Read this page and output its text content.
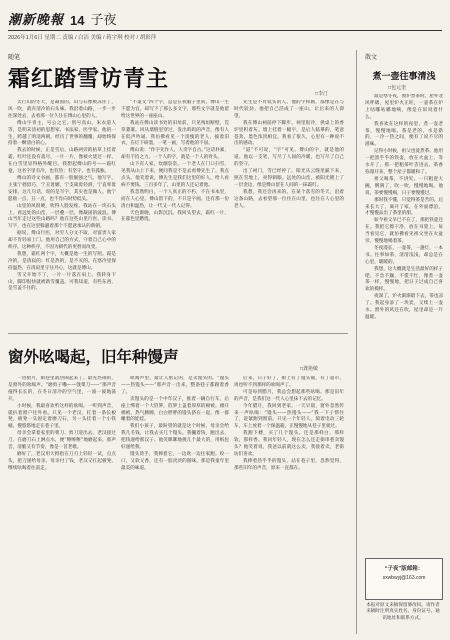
潮新晚報 14 子夜
2026年1月6日 星期二 责编 / 白洁 美编 / 蒋宇琪 校对 / 胡彩萍
随笔	散文
霜红踏雪访青主
□李汀

太行山的冬天，是凝固的。山与石像被冻住了，风一吹，就有清冷的石头味。我沿着山路，一步一步往深处去，去看那一位久住在傅山心里的人。

傅山字青主，号公之它，别号真山、朱衣道人等，是明末清初的思想家、书法家、医学家。他的一生，跨越了明清两朝，经历了世事的翻覆，却始终保持着一颗清白的心。

我去的时候，正是雪后。山路两旁的枯草上挂着霜，红叶还没有落尽，一片一片，像被火烧过一样，在白雪里显得格外醒目。我想起傅山的号——霜红龛，这名字里有冷，也有热；有坚守，也有孤独。

傅山的诗文书画，都有一股倔强之气。他写字，主张宁拙毋巧，宁丑毋媚，宁支离毋轻滑，宁直率毋安排。这几句话，说的是写字，其实也是做人。他宁愿拙一点、丑一点，也不肯向时势低头。

山里的风很硬，吹得人脸发疼。我站在一块石头上，看远处的山峦，一层叠一层，像凝固的波浪。傅山当年走过这些山路吗？他在这些山里行医、读书、写字，也在这里躲避着那个不愿意承认的新朝。

据说，傅山行医，对穷人分文不取，对富贵人家却不肯轻易上门。他用自己的方式，守着自己心中的秩序。这种秩序，不因为朝代的更替而改变。

我想，霜红两个字，大概是他一生的写照。霜是冷的，是清寂的；红是热的，是不灭的。在寒冷里保持温热，在清寂里守住丹心，这就是傅山。

雪又开始下了，一片一片落在肩上。我转身下山，脚印很快就被新雪覆盖。可我知道，有些东西，是雪盖不住的。

“不道文”四个字，总是在我脑子里转。傅山一生不愿为官，却写下了那么多文字，那些文字就是他留给这世界的一座座山。

我站在傅山读书处的旧址前，只见残垣断壁，荒草萋萋。风从墙缝里穿过，发出呜呜的声音，像有人在低声吟诵。我仿佛看见一个清瘦的老人，披着旧衣，在灯下研墨，一笔一画，写着他的不屈。

傅山说：“作字先作人，人奇字自古。”这话朴素，却有千钧之力。一个人的字，就是一个人的骨头。

山下有人家，炊烟袅袅。一个老人在门口扫雪，见我从山上下来，便问我是不是去看傅先生了。我点点头。他笑着说，傅先生是我们这里的好人，给人看病不要钱。三百多年了，山里的人还记着他。

我忽然明白，一个人真正的不朽，不在书本里，而在人心里。傅山留下的，不只是字画，还有那一份清白和温热，让一代又一代人记得。

天色渐晚，山影沉沉。我回头望去，霜红一片，在暮色里燃烧。

先生是不肯低头的人。他的字和画，都像是在与时代较劲。他把自己活成了一座山，让后来的人仰望。

我在傅山祠前停下脚步。祠里很冷，供桌上的香炉里积着灰。墙上挂着一幅字，是后人临摹的，笔意苍劲，墨色浓淡相宜。我看了很久，心里有一种说不出的感动。

“道”不可说，“字”可见。傅山的字，就是他的道。他以一支笔，写尽了人间的冷暖，也写尽了自己的坚守。

出了祠门，雪已经停了。阳光从云缝里漏下来，照在雪地上，亮得刺眼。远处的山峦，被阳光镀上了一层金边，像是傅山留在人间的一抹霜红。

我想，我还会再来的。在某个落雪的冬天，沿着这条山路，去看望那一位住在山里、也住在人心里的老人。

窗外吆喝起，旧年种馒声
□龚艳敏

一进腊月，街巷里就热闹起来了。最先热闹的，是窗外的吆喝声。“磨剪子嘞——戗菜刀——”那声音拖得长长的，在冬日清冷的空气里，一波一波地荡开。

小时候，我最喜欢听这样的吆喝。一听到声音，就扒着窗户往外看。只见一个老汉，扛着一条长板凳，板凳一头固定着磨刀石，另一头挂着一个小铁桶，慢悠悠地走在巷子里。

母亲会拿着家里的菜刀、剪刀迎出去。老汉接过刀，在磨刀石上淋点水，便“嚓嚓嚓”地磨起来。那声音，清脆又有节奏，像是一首老歌。

磨好了，老汉用大拇指在刀刃上轻轻一试，点点头，把刀递给母亲。母亲付了钱，老汉又扛起板凳，继续吆喝着往前走。

吆喝声里，最让人惦记的，是卖馒头的。“馒头——热馒头——”那声音一出来，整条巷子都跟着香了。

卖馒头的是一个中年汉子，推着一辆自行车，后座上绑着一个大笸箩，笸箩上盖着厚厚的棉被。掀开棉被，热气腾腾，白白胖胖的馒头挤在一起，像一群睡着的娃娃。

我们小孩子，最盼望的就是这个时候。母亲会给我几毛钱，让我去买几个馒头。我攥着钱，跑出去，把钱递给那汉子。他笑眯眯地挑几个最大的，用纸包好递给我。

馒头烫手，我捧着它，一边吹一边往家跑。咬一口，又软又香，还有一股淡淡的甜味。那是我童年里最美的味道。

后来，日子好了，街上有了馒头铺，有了超市，再也听不到那样的吆喝声了。

可是每到腊月，我总会想起那些吆喝。那是旧年的声音，是我们这一代人心里抹不去的记忆。

今年腊月，我回到老家。一天早晨，窗外忽然传来一声吆喝：“馒头——热馒头——”我一下子愣住了，赶紧跑到窗前。只见一个年轻人，骑着电动三轮车，车上放着一个保温箱，正慢慢地从巷子里驶过。

我跑下楼，买了几个馒头。还是那样白，那样软，那样香。我问年轻人，现在怎么还走街串巷卖馒头？他笑着说，我爸以前就这么卖，我接着卖，老街坊们喜欢。

我捧着热乎乎的馒头，站在巷子里，忽然觉得，那些旧年的声音，原来一直都在。

煮一壶往事清浅
□包元奎

最是寒冬夜，围炉煮茶时。屋外北风呼啸，屋里炉火正旺，一壶茶在炉上咕嘟咕嘟地响，像是在诉说着什么。

我喜欢在这样的夜里，煮一壶老茶，慢慢地喝。茶是老的，水是新的，一冷一热之间，便有了说不尽的滋味。

记得小时候，祖父也爱煮茶。他用一把黑乎乎的铁壶，放在火盆上，等水开了，抓一把粗茶叶丢进去。茶香弥漫开来，整个屋子都暖和了。

祖父喝茶，不讲究。一只粗瓷大碗，倒满了，吹一吹，慢慢地喝。他说，茶要慢慢喝，日子要慢慢过。

那时我不懂，只觉得茶是苦的。后来长大了，离开了家，在外面漂泊，才慢慢品出了茶里的甜。

如今祖父早已不在了，那把铁壶还在。我把它擦干净，放在书架上。每当看见它，就仿佛看见祖父坐在火盆旁，慢慢地喝着茶。

冬夜漫长，一壶茶，一盏灯，一本书。往事如茶，清清浅浅，却总是在心里，暖暖的。

我想，这大概就是生活最好的样子吧。不急不躁，不慌不忙，像煮一壶茶一样，慢慢地，把日子过成自己喜欢的模样。

夜深了，炉火渐渐暗下去，茶也凉了。我起身添了一块炭，又续上一壶水。窗外的风还在吹，屋里却是一片温暖。

“子夜”版邮箱：
sxwbwyj@163.com
本报对原文来稿保留修改权。请作者来稿时注明真实姓名、身份证号、通讯地址和联系方式。
